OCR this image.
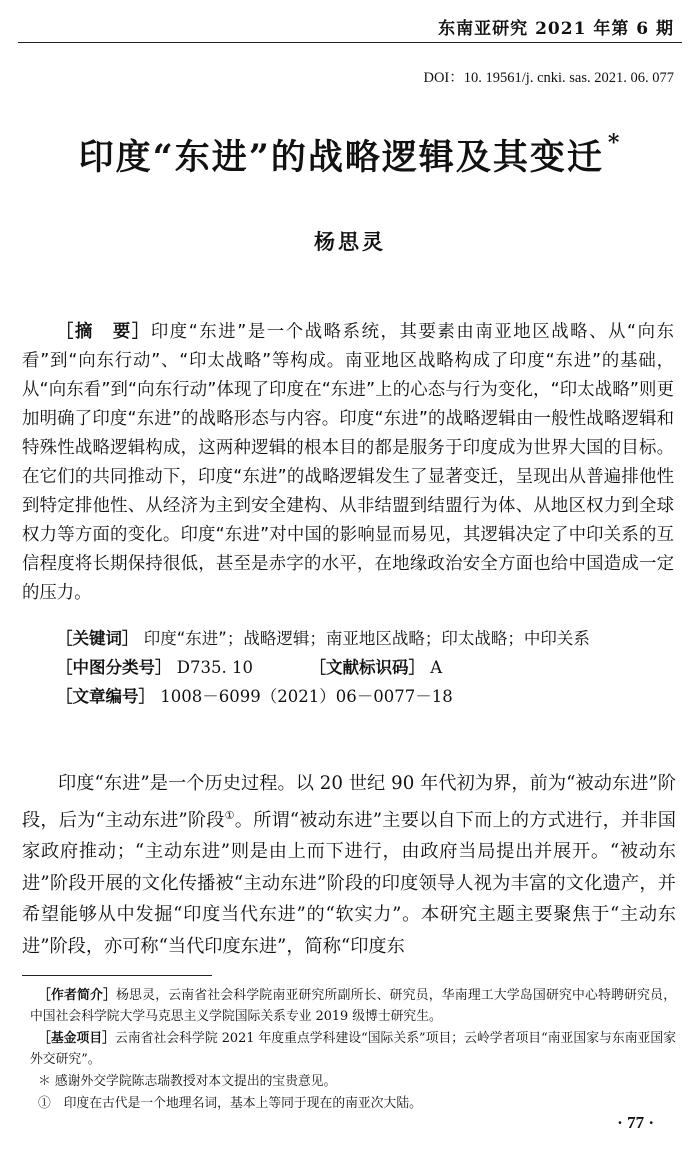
东南亚研究 2021 年第 6 期
DOI：10. 19561/j. cnki. sas. 2021. 06. 077
印度“东进”的战略逻辑及其变迁 *
杨思灵
［摘　要］印度“东进”是一个战略系统，其要素由南亚地区战略、从“向东看”到“向东行动”、“印太战略”等构成。南亚地区战略构成了印度“东进”的基础，从“向东看”到“向东行动”体现了印度在“东进”上的心态与行为变化，“印太战略”则更加明确了印度“东进”的战略形态与内容。印度“东进”的战略逻辑由一般性战略逻辑和特殊性战略逻辑构成，这两种逻辑的根本目的都是服务于印度成为世界大国的目标。在它们的共同推动下，印度“东进”的战略逻辑发生了显著变迁，呈现出从普遍排他性到特定排他性、从经济为主到安全建构、从非结盟到结盟行为体、从地区权力到全球权力等方面的变化。印度“东进”对中国的影响显而易见，其逻辑决定了中印关系的互信程度将长期保持很低，甚至是赤字的水平，在地缘政治安全方面也给中国造成一定的压力。
［关键词］ 印度“东进”；战略逻辑；南亚地区战略；印太战略；中印关系
［中图分类号］ D735. 10	［文献标识码］ A
［文章编号］ 1008－6099（2021）06－0077－18
印度“东进”是一个历史过程。以 20 世纪 90 年代初为界，前为“被动东进”阶段，后为“主动东进”阶段①。所谓“被动东进”主要以自下而上的方式进行，并非国家政府推动；“主动东进”则是由上而下进行，由政府当局提出并展开。“被动东进”阶段开展的文化传播被“主动东进”阶段的印度领导人视为丰富的文化遗产，并希望能够从中发掘“印度当代东进”的“软实力”。本研究主题主要聚焦于“主动东进”阶段，亦可称“当代印度东进”，简称“印度东

［作者简介］杨思灵，云南省社会科学院南亚研究所副所长、研究员，华南理工大学岛国研究中心特聘研究员，中国社会科学院大学马克思主义学院国际关系专业 2019 级博士研究生。

［基金项目］云南省社会科学院 2021 年度重点学科建设“国际关系”项目；云岭学者项目“南亚国家与东南亚国家外交研究”。

＊ 感谢外交学院陈志瑞教授对本文提出的宝贵意见。

①　印度在古代是一个地理名词，基本上等同于现在的南亚次大陆。

· 77 ·
